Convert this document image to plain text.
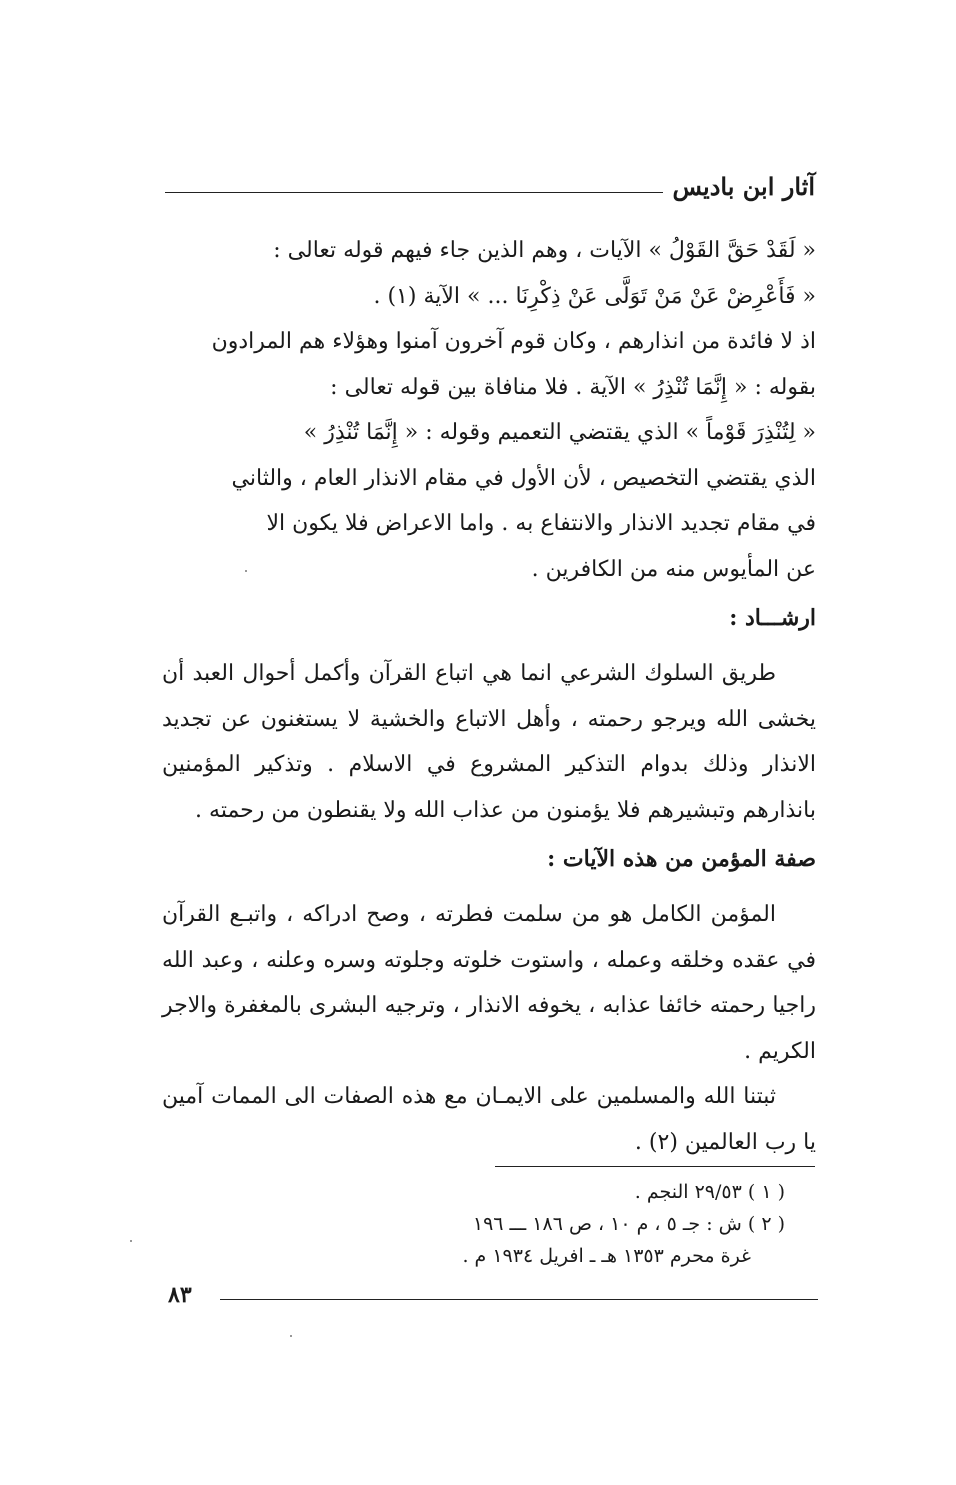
آثار ابن باديس

« لَقَدْ حَقَّ القَوْلُ » الآيات ، وهم الذين جاء فيهم قوله تعالى :

« فَأَعْرِضْ عَنْ مَنْ تَوَلَّى عَنْ ذِكْرِنَا ... » الآية (١) .

اذ لا فائدة من انذارهم ، وكان قوم آخرون آمنوا وهؤلاء هم المرادون

بقوله : « إِنَّمَا تُنْذِرُ » الآية . فلا منافاة بين قوله تعالى :

« لِتُنْذِرَ قَوْماً » الذي يقتضي التعميم وقوله : « إِنَّمَا تُنْذِرُ »

الذي يقتضي التخصيص ، لأن الأول في مقام الانذار العام ، والثاني

في مقام تجديد الانذار والانتفاع به . واما الاعراض فلا يكون الا

عن المأيوس منه من الكافرين .

ارشـــاد :

طريق السلوك الشرعي انما هي اتباع القرآن وأكمل أحوال العبد أن يخشى الله ويرجو رحمته ، وأهل الاتباع والخشية لا يستغنون عن تجديد الانذار وذلك بدوام التذكير المشروع في الاسلام . وتذكير المؤمنين بانذارهم وتبشيرهم فلا يؤمنون من عذاب الله ولا يقنطون من رحمته .

صفة المؤمن من هذه الآيات :

المؤمن الكامل هو من سلمت فطرته ، وصح ادراكه ، واتبـع القرآن في عقده وخلقه وعمله ، واستوت خلوته وجلوته وسره وعلنه ، وعبد الله راجيا رحمته خائفا عذابه ، يخوفه الانذار ، وترجيه البشرى بالمغفرة والاجر الكريم .

ثبتنا الله والمسلمين على الايمـان مع هذه الصفات الى الممات آمين يا رب العالمين (٢) .

( ١ ) ٢٩/٥٣ النجم .

( ٢ ) ش : جـ ٥ ، م ١٠ ، ص ١٨٦ ـــ ١٩٦

غرة محرم ١٣٥٣ هـ ـ افريل ١٩٣٤ م .

٨٣
